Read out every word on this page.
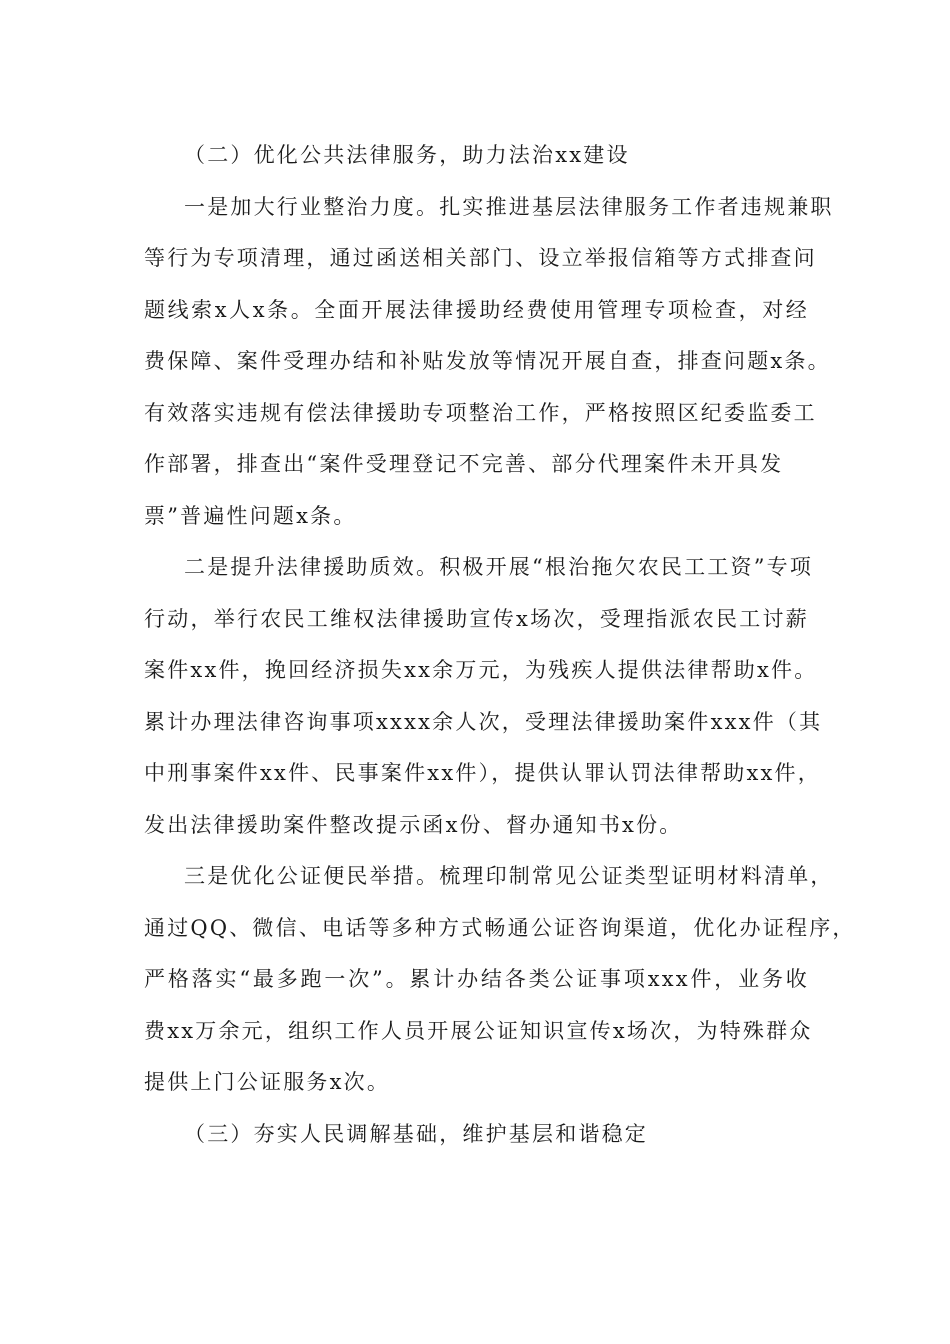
（二）优化公共法律服务，助力法治xx建设
一是加大行业整治力度。扎实推进基层法律服务工作者违规兼职
等行为专项清理，通过函送相关部门、设立举报信箱等方式排查问
题线索x人x条。全面开展法律援助经费使用管理专项检查，对经
费保障、案件受理办结和补贴发放等情况开展自查，排查问题x条。
有效落实违规有偿法律援助专项整治工作，严格按照区纪委监委工
作部署，排查出“案件受理登记不完善、部分代理案件未开具发
票”普遍性问题x条。
二是提升法律援助质效。积极开展“根治拖欠农民工工资”专项
行动，举行农民工维权法律援助宣传x场次，受理指派农民工讨薪
案件xx件，挽回经济损失xx余万元，为残疾人提供法律帮助x件。
累计办理法律咨询事项xxxx余人次，受理法律援助案件xxx件（其
中刑事案件xx件、民事案件xx件），提供认罪认罚法律帮助xx件，
发出法律援助案件整改提示函x份、督办通知书x份。
三是优化公证便民举措。梳理印制常见公证类型证明材料清单，
通过QQ、微信、电话等多种方式畅通公证咨询渠道，优化办证程序，
严格落实“最多跑一次”。累计办结各类公证事项xxx件，业务收
费xx万余元，组织工作人员开展公证知识宣传x场次，为特殊群众
提供上门公证服务x次。
（三）夯实人民调解基础，维护基层和谐稳定
